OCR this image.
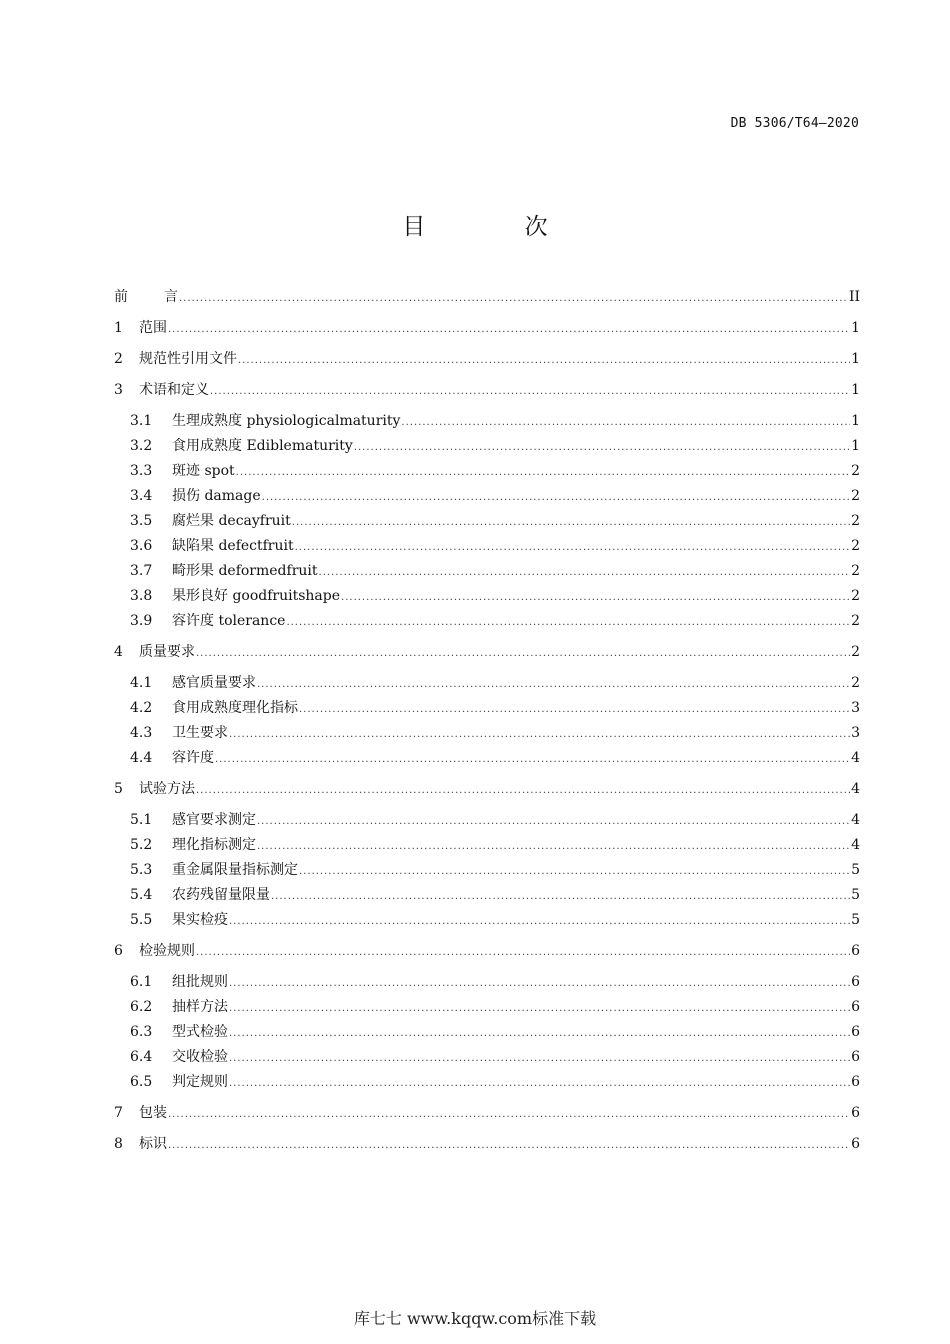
DB 5306/T64—2020
目 次
前	言 .....	II
1	范围 .....	1
2	规范性引用文件 .....	1
3	术语和定义 .....	1
3.1	生理成熟度 physiologicalmaturity .....	1
3.2	食用成熟度 Ediblematurity .....	1
3.3	斑迹 spot .....	2
3.4	损伤 damage .....	2
3.5	腐烂果 decayfruit .....	2
3.6	缺陷果 defectfruit .....	2
3.7	畸形果 deformedfruit .....	2
3.8	果形良好 goodfruitshape .....	2
3.9	容许度 tolerance .....	2
4	质量要求 .....	2
4.1	感官质量要求 .....	2
4.2	食用成熟度理化指标 .....	3
4.3	卫生要求 .....	3
4.4	容许度 .....	4
5	试验方法 .....	4
5.1	感官要求测定 .....	4
5.2	理化指标测定 .....	4
5.3	重金属限量指标测定 .....	5
5.4	农药残留量限量 .....	5
5.5	果实检疫 .....	5
6	检验规则 .....	6
6.1	组批规则 .....	6
6.2	抽样方法 .....	6
6.3	型式检验 .....	6
6.4	交收检验 .....	6
6.5	判定规则 .....	6
7	包装 .....	6
8	标识 .....	6
库七七 www.kqqw.com标准下载
